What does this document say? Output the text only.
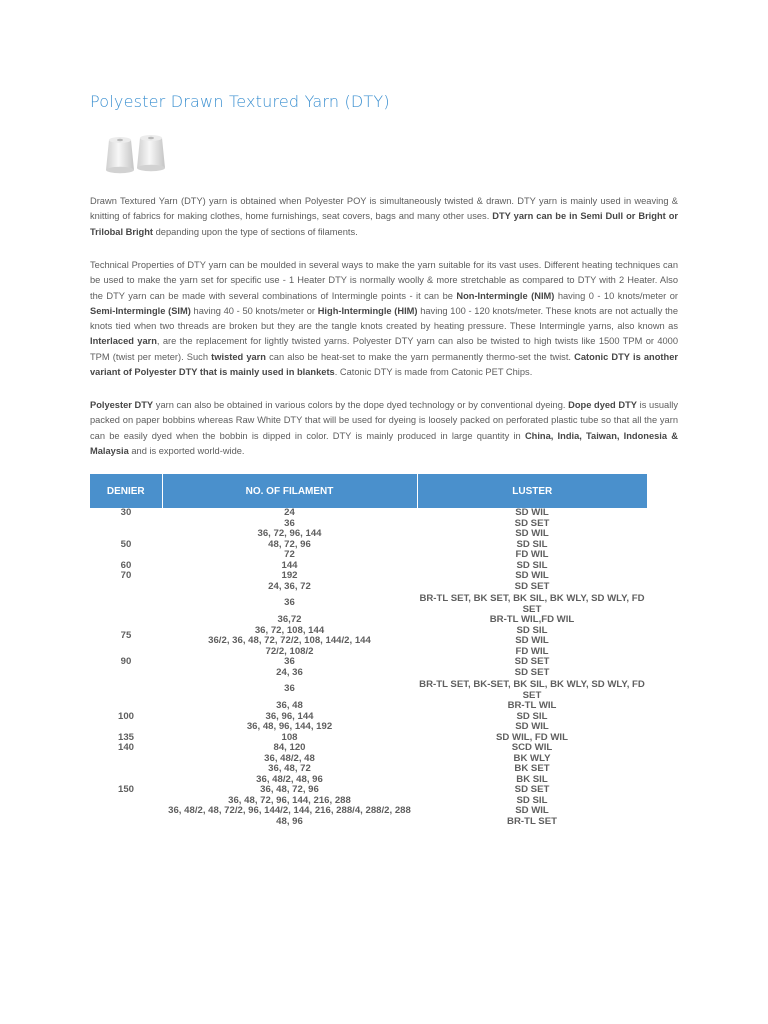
Polyester Drawn Textured Yarn (DTY)

Drawn Textured Yarn (DTY) yarn is obtained when Polyester POY is simultaneously twisted & drawn. DTY yarn is mainly used in weaving & knitting of fabrics for making clothes, home furnishings, seat covers, bags and many other uses. DTY yarn can be in Semi Dull or Bright or Trilobal Bright depanding upon the type of sections of filaments.

Technical Properties of DTY yarn can be moulded in several ways to make the yarn suitable for its vast uses. Different heating techniques can be used to make the yarn set for specific use - 1 Heater DTY is normally woolly & more stretchable as compared to DTY with 2 Heater. Also the DTY yarn can be made with several combinations of Intermingle points - it can be Non-Intermingle (NIM) having 0 - 10 knots/meter or Semi-Intermingle (SIM) having 40 - 50 knots/meter or High-Intermingle (HIM) having 100 - 120 knots/meter. These knots are not actually the knots tied when two threads are broken but they are the tangle knots created by heating pressure. These Intermingle yarns, also known as Interlaced yarn, are the replacement for lightly twisted yarns. Polyester DTY yarn can also be twisted to high twists like 1500 TPM or 4000 TPM (twist per meter). Such twisted yarn can also be heat-set to make the yarn permanently thermo-set the twist. Catonic DTY is another variant of Polyester DTY that is mainly used in blankets. Catonic DTY is made from Catonic PET Chips.

Polyester DTY yarn can also be obtained in various colors by the dope dyed technology or by conventional dyeing. Dope dyed DTY is usually packed on paper bobbins whereas Raw White DTY that will be used for dyeing is loosely packed on perforated plastic tube so that all the yarn can be easily dyed when the bobbin is dipped in color. DTY is mainly produced in large quantity in China, India, Taiwan, Indonesia & Malaysia and is exported world-wide.

DENIER	NO. OF FILAMENT	LUSTER
30	24	SD WIL
	36	SD SET
50	36, 72, 96, 144	SD WIL
	48, 72, 96	SD SIL
	72	FD WIL
60	144	SD SIL
70	192	SD WIL
	24, 36, 72	SD SET
	36	BR-TL SET, BK SET, BK SIL, BK WLY, SD WLY, FD SET
75	36,72	BR-TL WIL,FD WIL
	36, 72, 108, 144	SD SIL
	36/2, 36, 48, 72, 72/2, 108, 144/2, 144	SD WIL
	72/2, 108/2	FD WIL
90	36	SD SET
	24, 36	SD SET
	36	BR-TL SET, BK-SET, BK SIL, BK WLY, SD WLY, FD SET
100	36, 48	BR-TL WIL
	36, 96, 144	SD SIL
	36, 48, 96, 144, 192	SD WIL
135	108	SD WIL, FD WIL
140	84, 120	SCD WIL
	36, 48/2, 48	BK WLY
	36, 48, 72	BK SET
	36, 48/2, 48, 96	BK SIL
150	36, 48, 72, 96	SD SET
	36, 48, 72, 96, 144, 216, 288	SD SIL
	36, 48/2, 48, 72/2, 96, 144/2, 144, 216, 288/4, 288/2, 288	SD WIL
	48, 96	BR-TL SET
